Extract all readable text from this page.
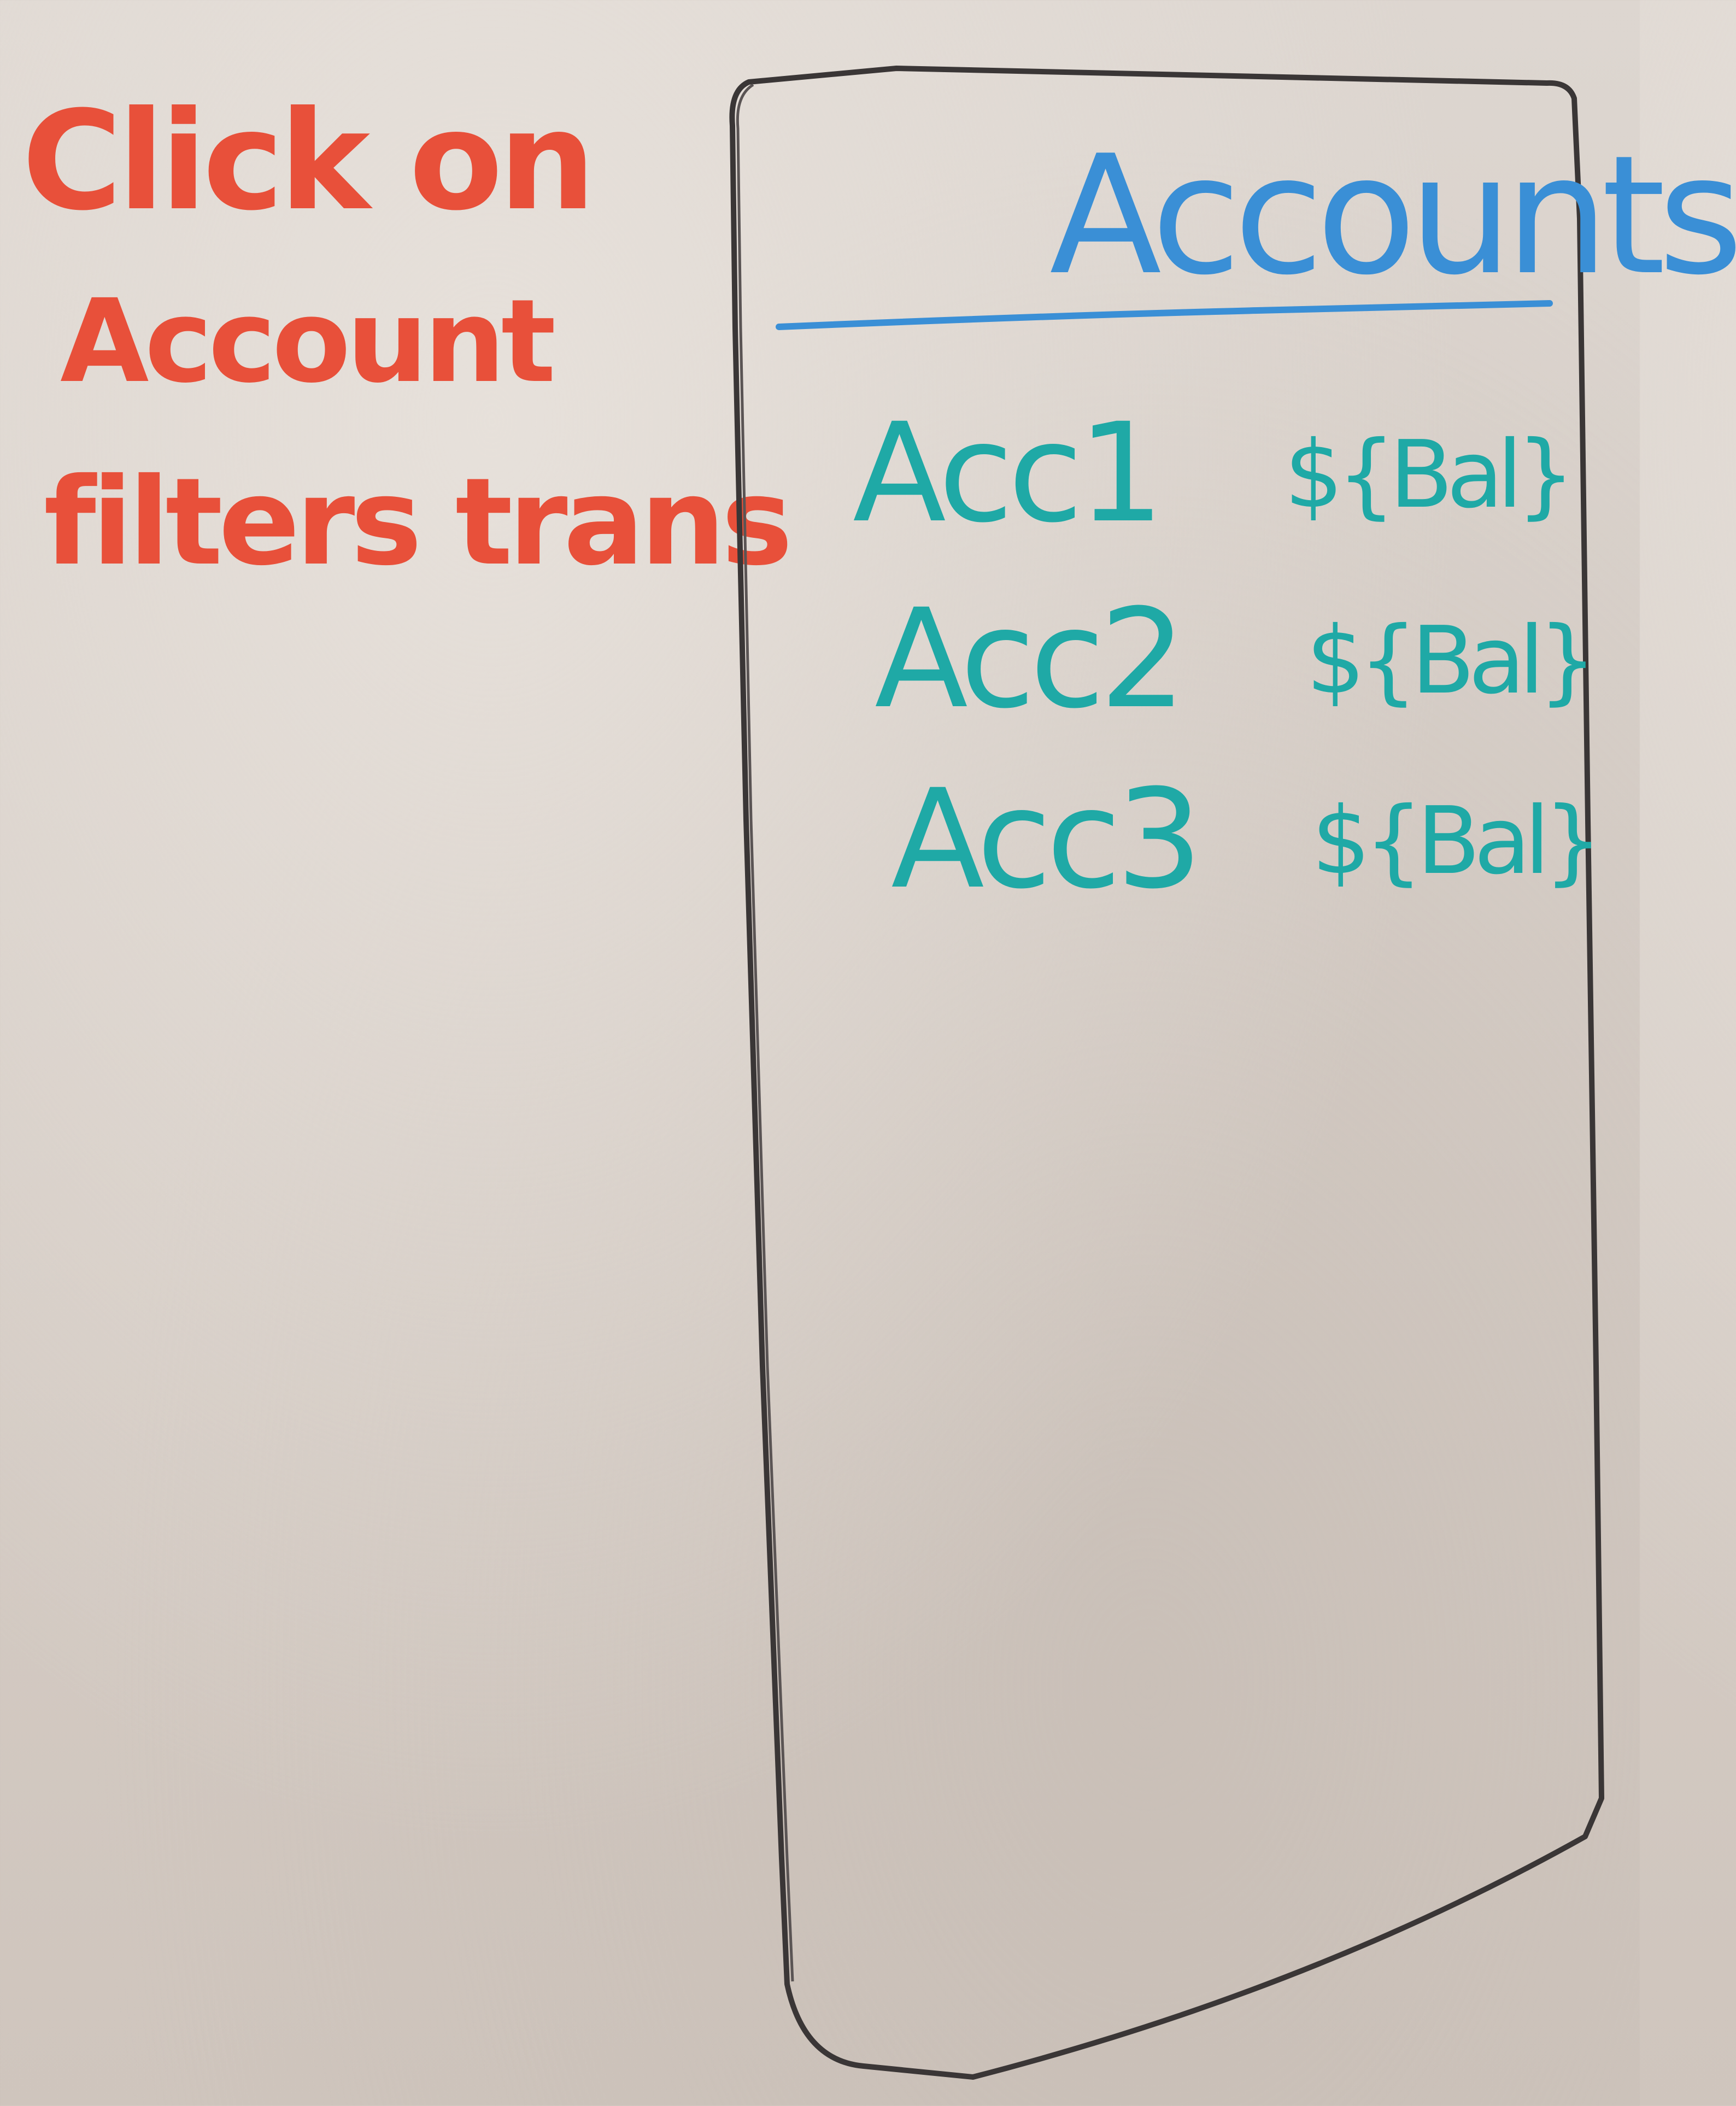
Click on
Account
filters trans
Accounts
Acc1 ${Bal}
Acc2 ${Bal}
Acc3 ${Bal}
